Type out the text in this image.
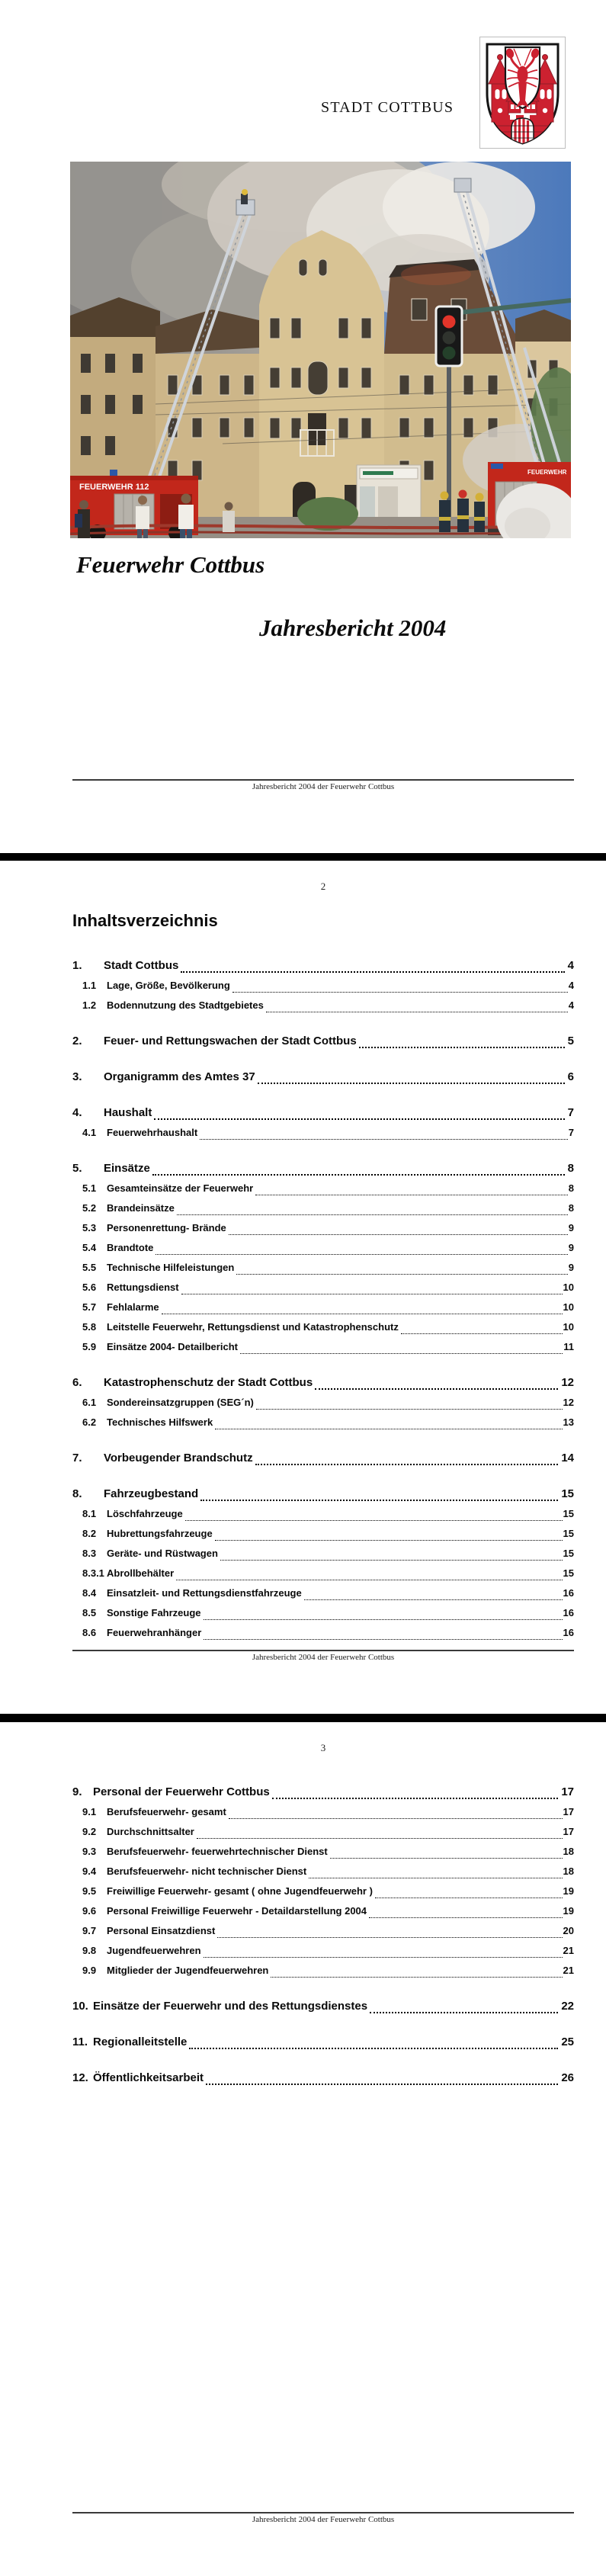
STADT COTTBUS
FEUERWEHR 112
FEUERWEHR
Feuerwehr Cottbus
Jahresbericht 2004
Jahresbericht 2004 der Feuerwehr Cottbus
2
Inhaltsverzeichnis
1.	Stadt Cottbus	4
1.1	Lage, Größe, Bevölkerung	4
1.2	Bodennutzung des Stadtgebietes	4
2.	Feuer- und Rettungswachen der Stadt Cottbus	5
3.	Organigramm des Amtes 37	6
4.	Haushalt	7
4.1	Feuerwehrhaushalt	7
5.	Einsätze	8
5.1	Gesamteinsätze der Feuerwehr	8
5.2	Brandeinsätze	8
5.3	Personenrettung- Brände	9
5.4	Brandtote	9
5.5	Technische Hilfeleistungen	9
5.6	Rettungsdienst	10
5.7	Fehlalarme	10
5.8	Leitstelle Feuerwehr, Rettungsdienst und Katastrophenschutz	10
5.9	Einsätze 2004- Detailbericht	11
6.	Katastrophenschutz der Stadt Cottbus	12
6.1	Sondereinsatzgruppen (SEG´n)	12
6.2	Technisches Hilfswerk	13
7.	Vorbeugender Brandschutz	14
8.	Fahrzeugbestand	15
8.1	Löschfahrzeuge	15
8.2	Hubrettungsfahrzeuge	15
8.3	Geräte- und Rüstwagen	15
8.3.1 Abrollbehälter	15
8.4	Einsatzleit- und Rettungsdienstfahrzeuge	16
8.5	Sonstige Fahrzeuge	16
8.6	Feuerwehranhänger	16
Jahresbericht 2004 der Feuerwehr Cottbus
3
9. Personal der Feuerwehr Cottbus	17
9.1	Berufsfeuerwehr- gesamt	17
9.2	Durchschnittsalter	17
9.3	Berufsfeuerwehr- feuerwehrtechnischer Dienst	18
9.4	Berufsfeuerwehr- nicht technischer Dienst	18
9.5	Freiwillige Feuerwehr- gesamt ( ohne Jugendfeuerwehr )	19
9.6	Personal Freiwillige Feuerwehr - Detaildarstellung 2004	19
9.7	Personal Einsatzdienst	20
9.8	Jugendfeuerwehren	21
9.9	Mitglieder der Jugendfeuerwehren	21
10. Einsätze der Feuerwehr und des Rettungsdienstes	22
11. Regionalleitstelle	25
12. Öffentlichkeitsarbeit	26
Jahresbericht 2004 der Feuerwehr Cottbus
